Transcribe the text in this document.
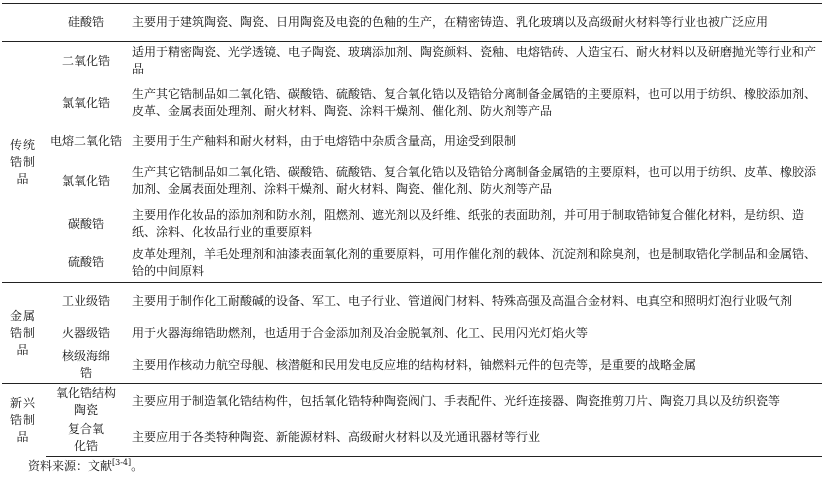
	硅酸锆	主要用于建筑陶瓷、陶瓷、日用陶瓷及电瓷的色釉的生产，在精密铸造、乳化玻璃以及高级耐火材料等行业也被广泛应用
传统锆制品	二氧化锆	适用于精密陶瓷、光学透镜、电子陶瓷、玻璃添加剂、陶瓷颜料、瓷釉、电熔锆砖、人造宝石、耐火材料以及研磨抛光等行业和产品
	氯氧化锆	生产其它锆制品如二氧化锆、碳酸锆、硫酸锆、复合氧化锆以及锆铪分离制备金属锆的主要原料，也可以用于纺织、橡胶添加剂、皮革、金属表面处理剂、耐火材料、陶瓷、涂料干燥剂、催化剂、防火剂等产品
	电熔二氧化锆	主要用于生产釉料和耐火材料，由于电熔锆中杂质含量高，用途受到限制
	氯氧化锆	生产其它锆制品如二氧化锆、碳酸锆、硫酸锆、复合氧化锆以及锆铪分离制备金属锆的主要原料，也可以用于纺织、皮革、橡胶添加剂、金属表面处理剂、涂料干燥剂、耐火材料、陶瓷、催化剂、防火剂等产品
	碳酸锆	主要用作化妆品的添加剂和防水剂，阻燃剂、遮光剂以及纤维、纸张的表面助剂，并可用于制取锆铈复合催化材料，是纺织、造纸、涂料、化妆品行业的重要原料
	硫酸锆	皮革处理剂，羊毛处理剂和油漆表面氧化剂的重要原料，可用作催化剂的载体、沉淀剂和除臭剂，也是制取锆化学制品和金属锆、铪的中间原料
金属锆制品	工业级锆	主要用于制作化工耐酸碱的设备、军工、电子行业、管道阀门材料、特殊高强及高温合金材料、电真空和照明灯泡行业吸气剂
	火器级锆	用于火器海绵锆助燃剂，也适用于合金添加剂及冶金脱氧剂、化工、民用闪光灯焰火等
	核级海绵锆	主要用作核动力航空母舰、核潜艇和民用发电反应堆的结构材料，铀燃料元件的包壳等，是重要的战略金属
新兴锆制品	氧化锆结构陶瓷	主要应用于制造氧化锆结构件，包括氧化锆特种陶瓷阀门、手表配件、光纤连接器、陶瓷推剪刀片、陶瓷刀具以及纺织瓷等
	复合氧化锆	主要应用于各类特种陶瓷、新能源材料、高级耐火材料以及光通讯器材等行业
资料来源：文献[3-4]。
